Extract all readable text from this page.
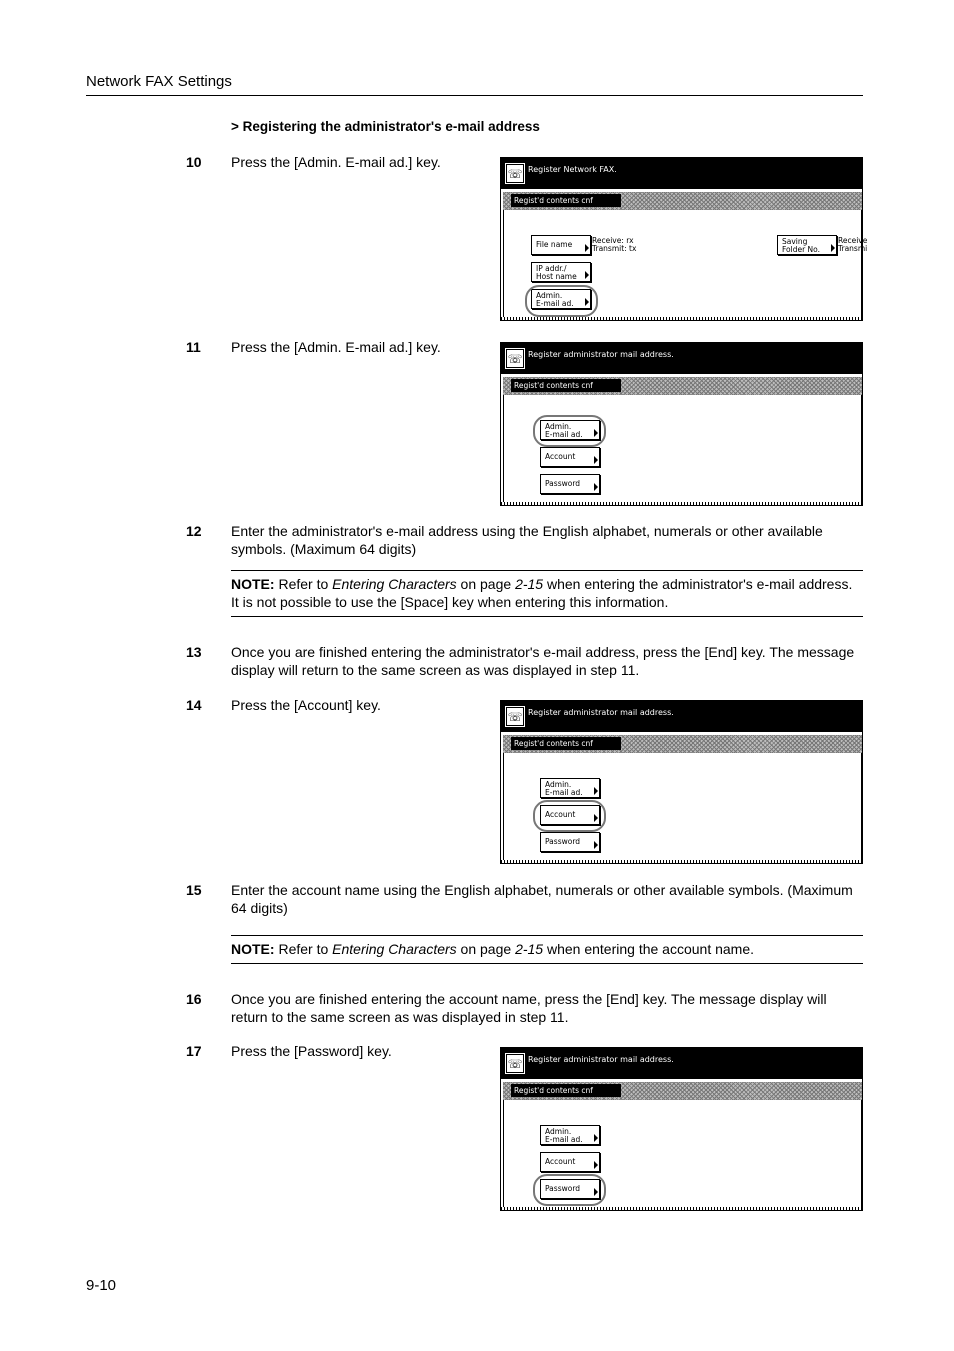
Network FAX Settings
> Registering the administrator's e-mail address
10	Press the [Admin. E-mail ad.] key.
☏ Register Network FAX.
Regist'd contents cnf
File name	Receive: rx
Transmit: tx
IP addr./
Host name
Admin.
E-mail ad.
Saving
Folder No.
Receive
Transmi
11	Press the [Admin. E-mail ad.] key.
☏ Register administrator mail address.
Regist'd contents cnf
Admin.
E-mail ad.
Account
Password
12	Enter the administrator's e-mail address using the English alphabet, numerals or other available symbols. (Maximum 64 digits)
NOTE: Refer to Entering Characters on page 2-15 when entering the administrator's e-mail address. It is not possible to use the [Space] key when entering this information.
13	Once you are finished entering the administrator's e-mail address, press the [End] key. The message display will return to the same screen as was displayed in step 11.
14	Press the [Account] key.
☏ Register administrator mail address.
Regist'd contents cnf
Admin.
E-mail ad.
Account
Password
15	Enter the account name using the English alphabet, numerals or other available symbols. (Maximum 64 digits)
NOTE: Refer to Entering Characters on page 2-15 when entering the account name.
16	Once you are finished entering the account name, press the [End] key. The message display will return to the same screen as was displayed in step 11.
17	Press the [Password] key.
☏ Register administrator mail address.
Regist'd contents cnf
Admin.
E-mail ad.
Account
Password
9-10
